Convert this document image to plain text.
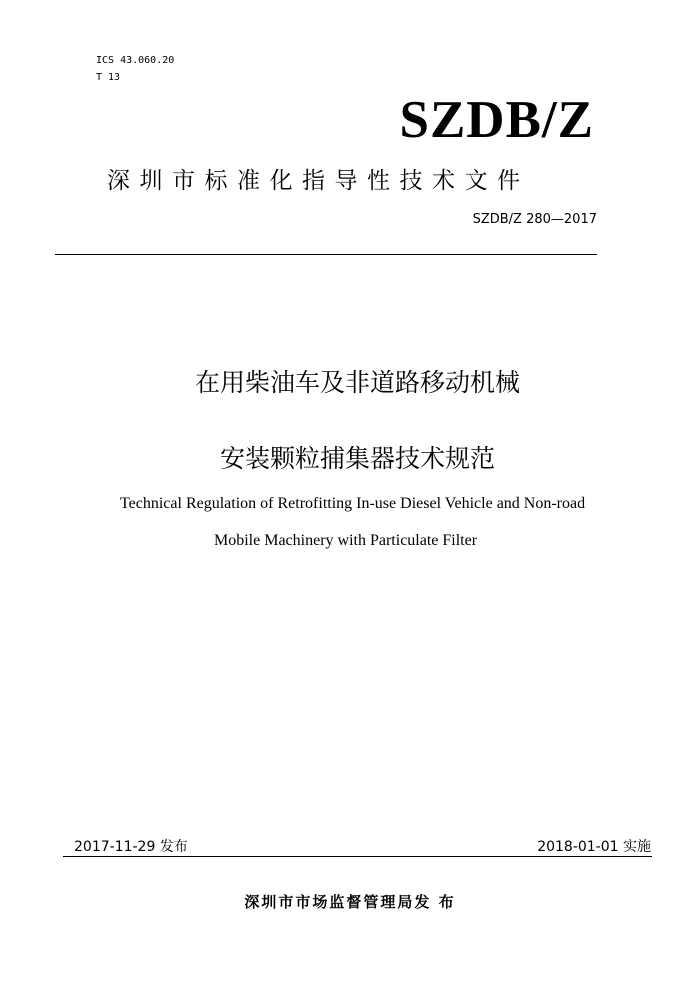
ICS 43.060.20
T 13
SZDB/Z
深圳市标准化指导性技术文件
SZDB/Z 280—2017
在用柴油车及非道路移动机械
安装颗粒捕集器技术规范
Technical Regulation of Retrofitting In-use Diesel Vehicle and Non-road
Mobile Machinery with Particulate Filter
2017-11-29 发布	2018-01-01 实施
深圳市市场监督管理局发 布
